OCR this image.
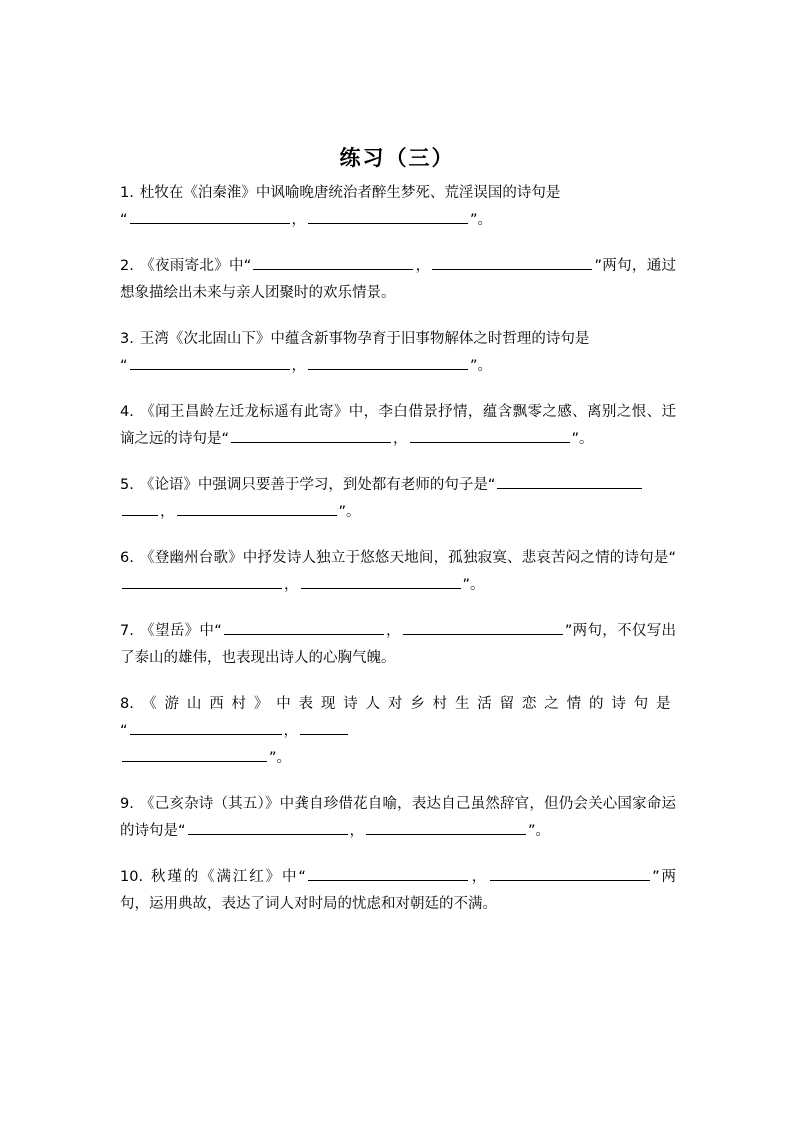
练习（三）
1. 杜牧在《泊秦淮》中讽喻晚唐统治者醉生梦死、荒淫误国的诗句是
“	，	”。
2. 《夜雨寄北》中“	，	”两句，通过想象描绘出未来与亲人团聚时的欢乐情景。
3. 王湾《次北固山下》中蕴含新事物孕育于旧事物解体之时哲理的诗句是
“	，	”。
4. 《闻王昌龄左迁龙标遥有此寄》中，李白借景抒情，蕴含飘零之感、离别之恨、迁谪之远的诗句是“	，	”。
5. 《论语》中强调只要善于学习，到处都有老师的句子是“
，	”。
6. 《登幽州台歌》中抒发诗人独立于悠悠天地间，孤独寂寞、悲哀苦闷之情的诗句是“，	”。
7. 《望岳》中“	，	”两句，不仅写出了泰山的雄伟，也表现出诗人的心胸气魄。
8. 《游山西村》中表现诗人对乡村生活留恋之情的诗句是
“	，
”。
9. 《己亥杂诗（其五）》中龚自珍借花自喻，表达自己虽然辞官，但仍会关心国家命运的诗句是“	，	”。
10. 秋瑾的《满江红》中“	，	”两句，运用典故，表达了词人对时局的忧虑和对朝廷的不满。
